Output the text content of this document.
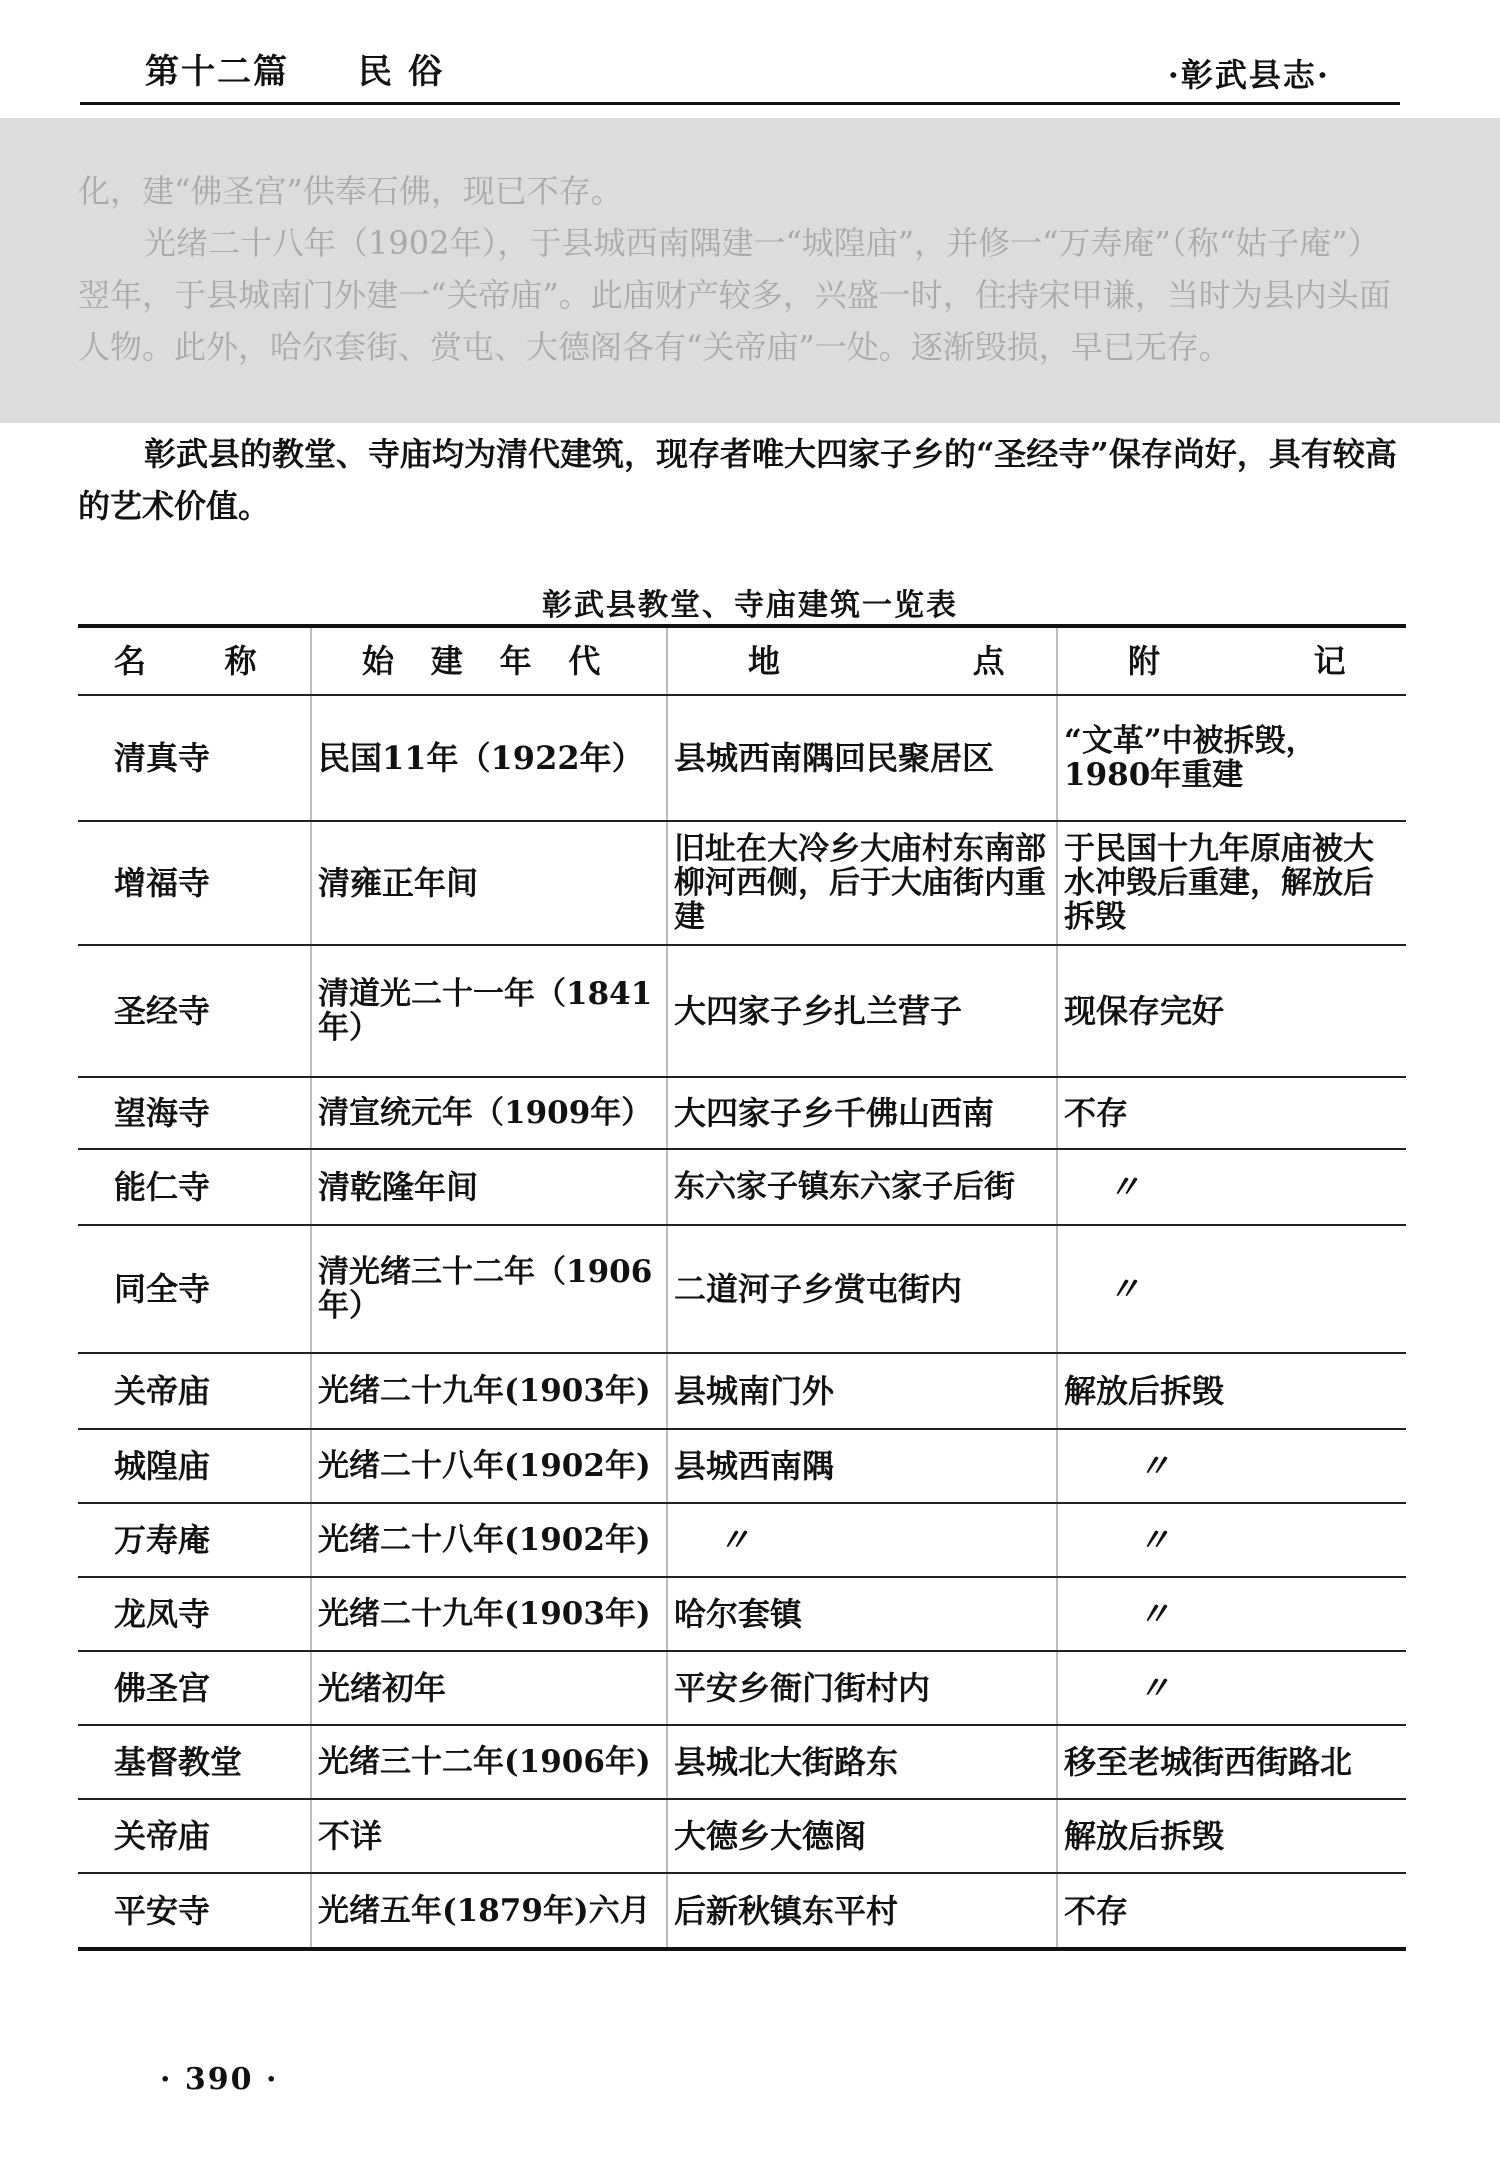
第十二篇 民俗	·彰武县志·

化，建“佛圣宫”供奉石佛，现已不存。

光绪二十八年（1902年），于县城西南隅建一“城隍庙”，并修一“万寿庵”（称“姑子庵”）翌年，于县城南门外建一“关帝庙”。此庙财产较多，兴盛一时，住持宋甲谦，当时为县内头面人物。此外，哈尔套街、赏屯、大德阁各有“关帝庙”一处。逐渐毁损，早已无存。

彰武县的教堂、寺庙均为清代建筑，现存者唯大四家子乡的“圣经寺”保存尚好，具有较高的艺术价值。

彰武县教堂、寺庙建筑一览表
名 称	始 建 年 代	地 点	附 记

清真寺	民国11年（1922年）	县城西南隅回民聚居区	“文革”中被拆毁，1980年重建
增福寺	清雍正年间	旧址在大冷乡大庙村东南部柳河西侧，后于大庙街内重建	于民国十九年原庙被大水冲毁后重建，解放后拆毁
圣经寺	清道光二十一年（1841年）	大四家子乡扎兰营子	现保存完好
望海寺	清宣统元年（1909年）	大四家子乡千佛山西南	不存
能仁寺	清乾隆年间	东六家子镇东六家子后街	〃
同全寺	清光绪三十二年（1906年）	二道河子乡赏屯街内	〃
关帝庙	光绪二十九年(1903年)	县城南门外	解放后拆毁
城隍庙	光绪二十八年(1902年)	县城西南隅	〃
万寿庵	光绪二十八年(1902年)	〃	〃
龙凤寺	光绪二十九年(1903年)	哈尔套镇	〃
佛圣宫	光绪初年	平安乡衙门街村内	〃
基督教堂	光绪三十二年(1906年)	县城北大街路东	移至老城街西街路北
关帝庙	不详	大德乡大德阁	解放后拆毁
平安寺	光绪五年(1879年)六月	后新秋镇东平村	不存
· 390 ·
